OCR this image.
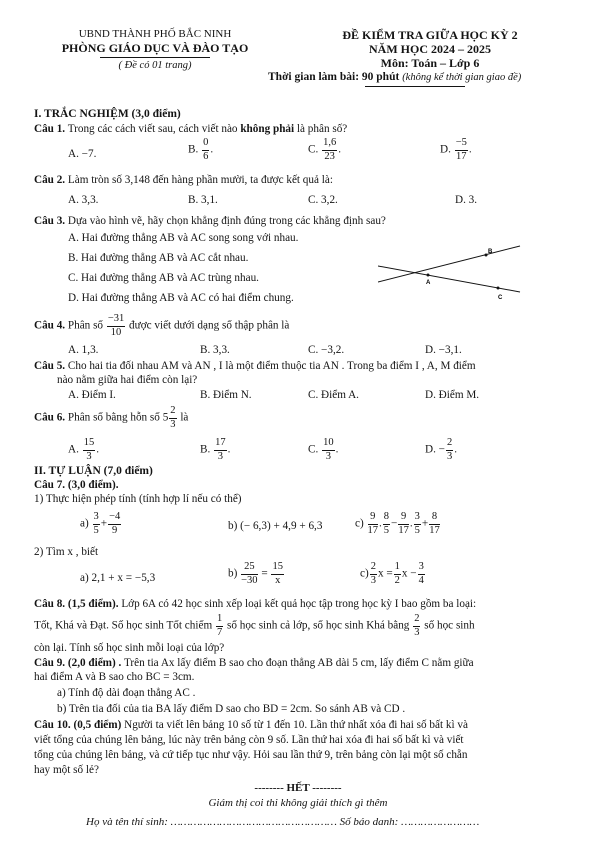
UBND THÀNH PHỐ BẮC NINH
PHÒNG GIÁO DỤC VÀ ĐÀO TẠO
( Đề có 01 trang)
ĐỀ KIỂM TRA GIỮA HỌC KỲ 2
NĂM HỌC 2024 – 2025
Môn: Toán – Lớp 6
Thời gian làm bài: 90 phút (không kể thời gian giao đề)
I. TRẮC NGHIỆM (3,0 điểm)
Câu 1. Trong các cách viết sau, cách viết nào không phải là phân số?
A. −7.	B. $\frac{0}{6}$ .	C. $\frac{1,6}{23}$ .	D. $\frac{-5}{17}$ .
Câu 2. Làm tròn số 3,148 đến hàng phần mười, ta được kết quả là:
A. 3,3.	B. 3,1.	C. 3,2.	D. 3.
Câu 3. Dựa vào hình vẽ, hãy chọn khẳng định đúng trong các khẳng định sau?
A. Hai đường thẳng AB và AC song song với nhau.
B. Hai đường thẳng AB và AC cắt nhau.
C. Hai đường thẳng AB và AC trùng nhau.
D. Hai đường thẳng AB và AC có hai điểm chung.
A
B
C
Câu 4. Phân số $\frac{-31}{10}$ được viết dưới dạng số thập phân là
A. 1,3.	B. 3,3.	C. −3,2.	D. −3,1.
Câu 5. Cho hai tia đối nhau AM và AN , I là một điểm thuộc tia AN . Trong ba điểm I , A, M điểm
nào nằm giữa hai điểm còn lại?
A. Điểm I.	B. Điểm N.	C. Điểm A.	D. Điểm M.
Câu 6. Phân số bằng hỗn số $5 \frac{2}{3}$ là
A. $\frac{15}{3}$ .	B. $\frac{17}{3}$ .	C. $\frac{10}{3}$ .	D. − $\frac{2}{3}$ .
II. TỰ LUẬN (7,0 điểm)
Câu 7. (3,0 điểm).
1) Thực hiện phép tính (tính hợp lí nếu có thể)
$a) \frac{3}{5} + \frac{-4}{9}$	b) (− 6,3) + 4,9 + 6,3	$c) \frac{9}{17}$ . $\frac{8}{5} - \frac{9}{17}$ . $\frac{3}{5} + \frac{8}{17}$
2) Tìm x , biết
a) 2,1 + x = −5,3	$b) \frac{25}{-30} = \frac{15}{x}$	$c) \frac{2}{3}$ $x = \frac{1}{2}$ $x - \frac{3}{4}$
Câu 8. (1,5 điểm). Lớp 6A có 42 học sinh xếp loại kết quả học tập trong học kỳ I bao gồm ba loại:
Tốt, Khá và Đạt. Số học sinh Tốt chiếm $\frac{1}{7}$ số học sinh cả lớp, số học sinh Khá bằng $\frac{2}{3}$ số học sinh
còn lại. Tính số học sinh mỗi loại của lớp?
Câu 9. (2,0 điểm) . Trên tia Ax lấy điểm B sao cho đoạn thẳng AB dài 5 cm, lấy điểm C nằm giữa
hai điểm A và B sao cho BC = 3cm.
a) Tính độ dài đoạn thẳng AC .
b) Trên tia đối của tia BA lấy điểm D sao cho BD = 2cm. So sánh AB và CD .
Câu 10. (0,5 điểm) Người ta viết lên bảng 10 số từ 1 đến 10. Lần thứ nhất xóa đi hai số bất kì và
viết tổng của chúng lên bảng, lúc này trên bảng còn 9 số. Lần thứ hai xóa đi hai số bất kì và viết
tổng của chúng lên bảng, và cứ tiếp tục như vậy. Hỏi sau lần thứ 9, trên bảng còn lại một số chẵn
hay một số lẻ?
-------- HẾT --------
Giám thị coi thi không giải thích gì thêm
Họ và tên thí sinh: …………………………………………… Số báo danh: ……………………
